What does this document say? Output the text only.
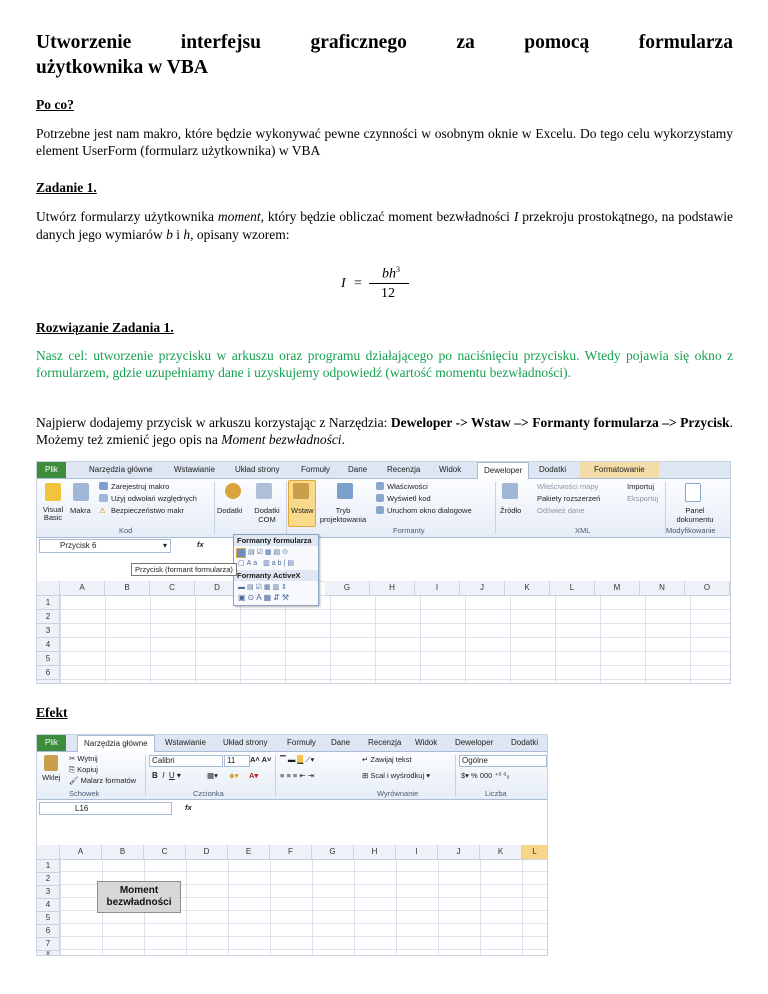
Utworzenie	interfejsu	graficznego	za	pomocą	formularza
użytkownika w VBA
Po co?

Potrzebne jest nam makro, które będzie wykonywać pewne czynności w osobnym oknie w Excelu. Do tego celu wykorzystamy element UserForm (formularz użytkownika) w VBA

Zadanie 1.

Utwórz formularzy użytkownika moment, który będzie obliczać moment bezwładności I przekroju prostokątnego, na podstawie danych jego wymiarów b i h, opisany wzorem:

I =
$bh^3$
12
Rozwiązanie Zadania 1.

Nasz cel: utworzenie przycisku w arkuszu oraz programu działającego po naciśnięciu przycisku. Wtedy pojawia się okno z formularzem, gdzie uzupełniamy dane i uzyskujemy odpowiedź (wartość momentu bezwładności).

Najpierw dodajemy przycisk w arkuszu korzystając z Narzędzia: Deweloper -> Wstaw –> Formanty formularza –> Przycisk. Możemy też zmienić jego opis na Moment bezwładności.

Plik	Narzędzia główne	Wstawianie	Układ strony	Formuły Dane Recenzja Widok	Deweloper	Dodatki	Formatowanie
Visual Basic
Makra
Zarejestruj makro
Użyj odwołań względnych
⚠ Bezpieczeństwo makr
Kod
Dodatki	Dodatki COM
Wstaw	Tryb projektowania
Właściwości
Wyświetl kod
Uruchom okno dialogowe
Formanty
Źródło
Właściwości mapy
Pakiety rozszerzeń
Odśwież dane
Importuj
Eksportuj
XML
Panel dokumentu
Modyfikowanie
Przycisk 6	▾	fx
A	B	C	D	G	H	I	J	K	L	M	N	O
1
2
3
4
5
6
Formanty formularza
▤☑▦▤⊙
▢Aa ▥ab|▤
Formanty ActiveX
▬▤☑▦▥⇕
▣⊙A▦⇵⚒
Przycisk (formant formularza)
Efekt
Plik	Narzędzia główne	Wstawianie Układ strony Formuły Dane Recenzja Widok Deweloper Dodatki
Wklej
✂ Wytnij
⎘ Kopiuj
🖌 Malarz formatów
Schowek
Calibri	11	A˄ A˅
B I U ▾	▦▾ ◈▾ A▾
Czcionka
▔ ▬ ▁ ⟋▾
≡ ≡ ≡ ⇤ ⇥
↵ Zawijaj tekst
⊞ Scal i wyśrodkuj ▾
Wyrównanie
Ogólne
$▾ % 000 ⁺⁰ ⁰₀
Liczba
L16	fx
A	B	C	D	E	F	G	H	I	J	K	L
1
2
3
4
5
6
7
8
Moment bezwładności
